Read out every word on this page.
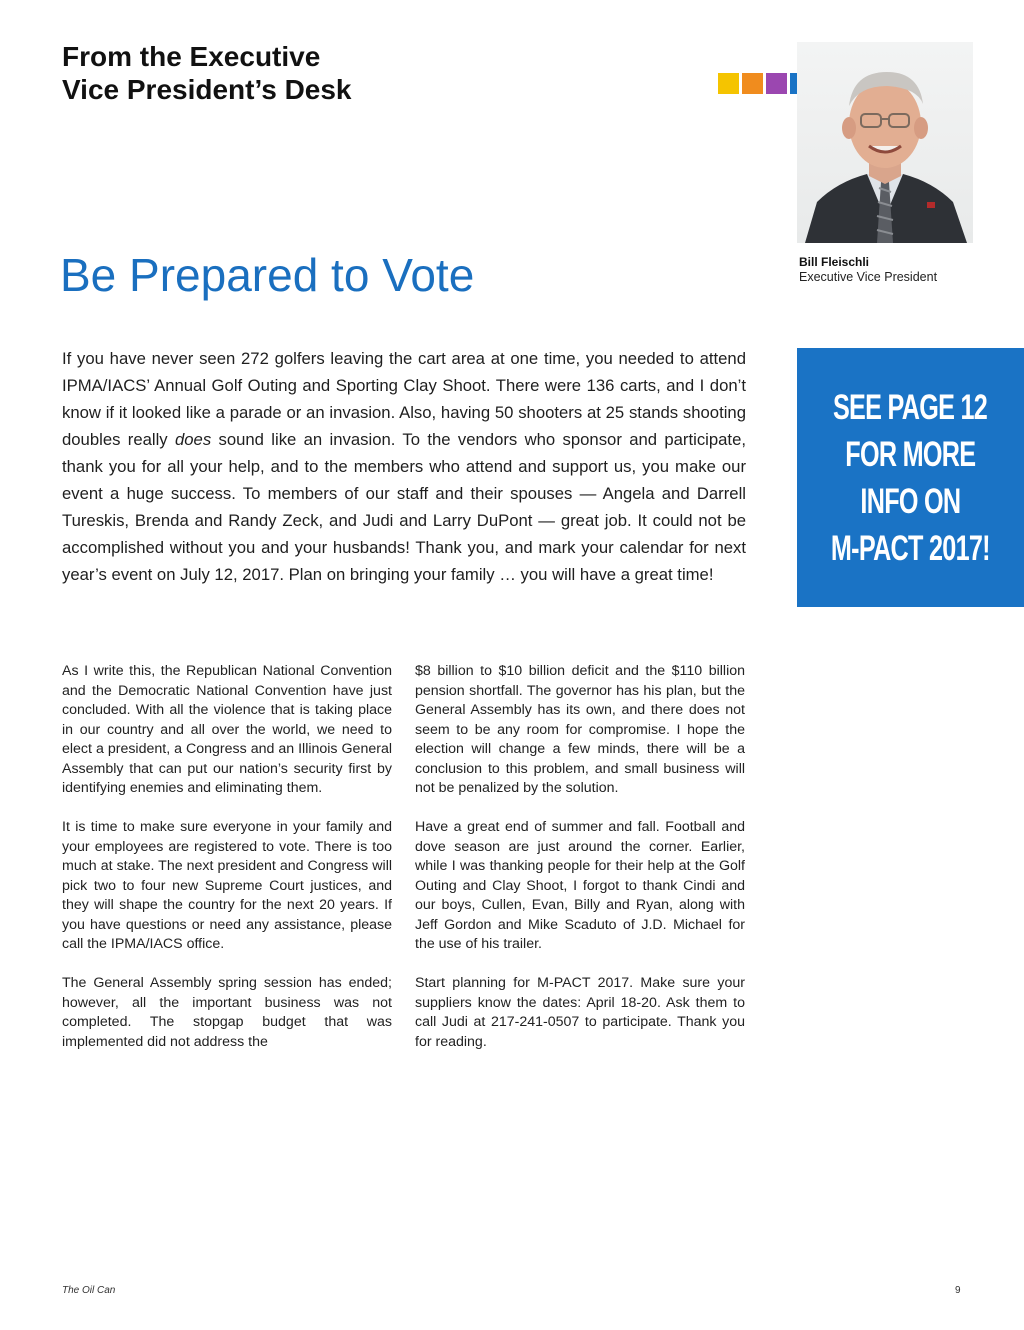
From the Executive
Vice President’s Desk
Bill Fleischli
Executive Vice President
Be Prepared to Vote

If you have never seen 272 golfers leaving the cart area at one time, you needed to attend IPMA/IACS’ Annual Golf Outing and Sporting Clay Shoot. There were 136 carts, and I don’t know if it looked like a parade or an invasion. Also, having 50 shooters at 25 stands shooting doubles really does sound like an invasion. To the vendors who sponsor and participate, thank you for all your help, and to the members who attend and support us, you make our event a huge success. To members of our staff and their spouses — Angela and Darrell Tureskis, Brenda and Randy Zeck, and Judi and Larry DuPont — great job. It could not be accomplished without you and your husbands! Thank you, and mark your calendar for next year’s event on July 12, 2017. Plan on bringing your family … you will have a great time!

SEE PAGE 12
FOR MORE
INFO ON
M-PACT 2017!

As I write this, the Republican National Convention and the Democratic National Convention have just concluded. With all the violence that is taking place in our country and all over the world, we need to elect a president, a Congress and an Illinois General Assembly that can put our nation’s security first by identifying enemies and eliminating them.

It is time to make sure everyone in your family and your employees are registered to vote. There is too much at stake. The next president and Congress will pick two to four new Supreme Court justices, and they will shape the country for the next 20 years. If you have questions or need any assistance, please call the IPMA/IACS office.

The General Assembly spring session has ended; however, all the important business was not completed. The stopgap budget that was implemented did not address the

$8 billion to $10 billion deficit and the $110 billion pension shortfall. The governor has his plan, but the General Assembly has its own, and there does not seem to be any room for compromise. I hope the election will change a few minds, there will be a conclusion to this problem, and small business will not be penalized by the solution.

Have a great end of summer and fall. Football and dove season are just around the corner. Earlier, while I was thanking people for their help at the Golf Outing and Clay Shoot, I forgot to thank Cindi and our boys, Cullen, Evan, Billy and Ryan, along with Jeff Gordon and Mike Scaduto of J.D. Michael for the use of his trailer.

Start planning for M-PACT 2017. Make sure your suppliers know the dates: April 18-20. Ask them to call Judi at 217-241-0507 to participate. Thank you for reading.

The Oil Can	9
